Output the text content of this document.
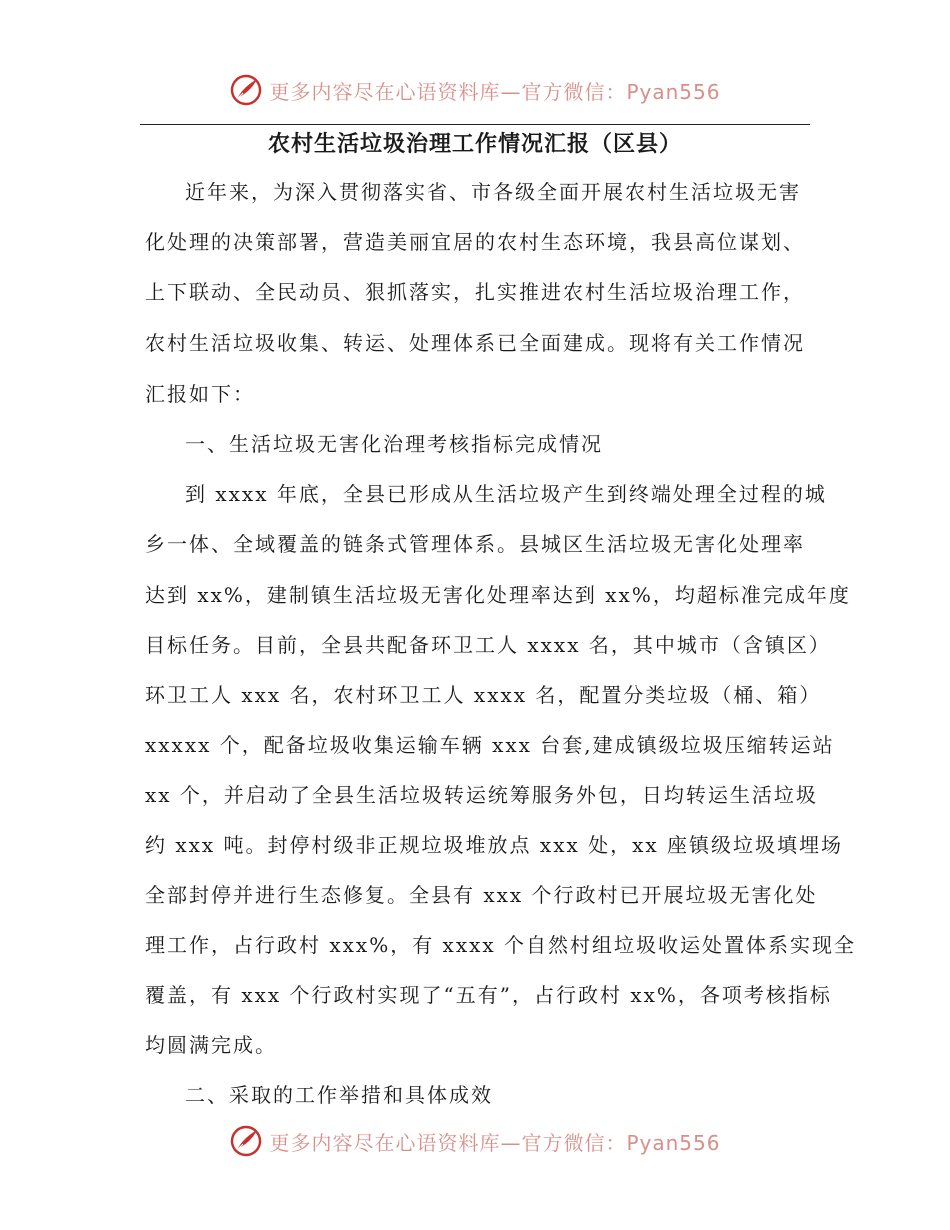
更多内容尽在心语资料库—官方微信：Pyan556
农村生活垃圾治理工作情况汇报（区县）

近年来，为深入贯彻落实省、市各级全面开展农村生活垃圾无害

化处理的决策部署，营造美丽宜居的农村生态环境，我县高位谋划、

上下联动、全民动员、狠抓落实，扎实推进农村生活垃圾治理工作，

农村生活垃圾收集、转运、处理体系已全面建成。现将有关工作情况

汇报如下：

一、生活垃圾无害化治理考核指标完成情况

到 xxxx 年底，全县已形成从生活垃圾产生到终端处理全过程的城

乡一体、全域覆盖的链条式管理体系。县城区生活垃圾无害化处理率

达到 xx%，建制镇生活垃圾无害化处理率达到 xx%，均超标准完成年度

目标任务。目前，全县共配备环卫工人 xxxx 名，其中城市（含镇区）

环卫工人 xxx 名，农村环卫工人 xxxx 名，配置分类垃圾（桶、箱）

xxxxx 个，配备垃圾收集运输车辆 xxx 台套,建成镇级垃圾压缩转运站

xx 个，并启动了全县生活垃圾转运统筹服务外包，日均转运生活垃圾

约 xxx 吨。封停村级非正规垃圾堆放点 xxx 处，xx 座镇级垃圾填埋场

全部封停并进行生态修复。全县有 xxx 个行政村已开展垃圾无害化处

理工作，占行政村 xxx%，有 xxxx 个自然村组垃圾收运处置体系实现全

覆盖，有 xxx 个行政村实现了“五有”，占行政村 xx%，各项考核指标

均圆满完成。

二、采取的工作举措和具体成效

更多内容尽在心语资料库—官方微信：Pyan556
